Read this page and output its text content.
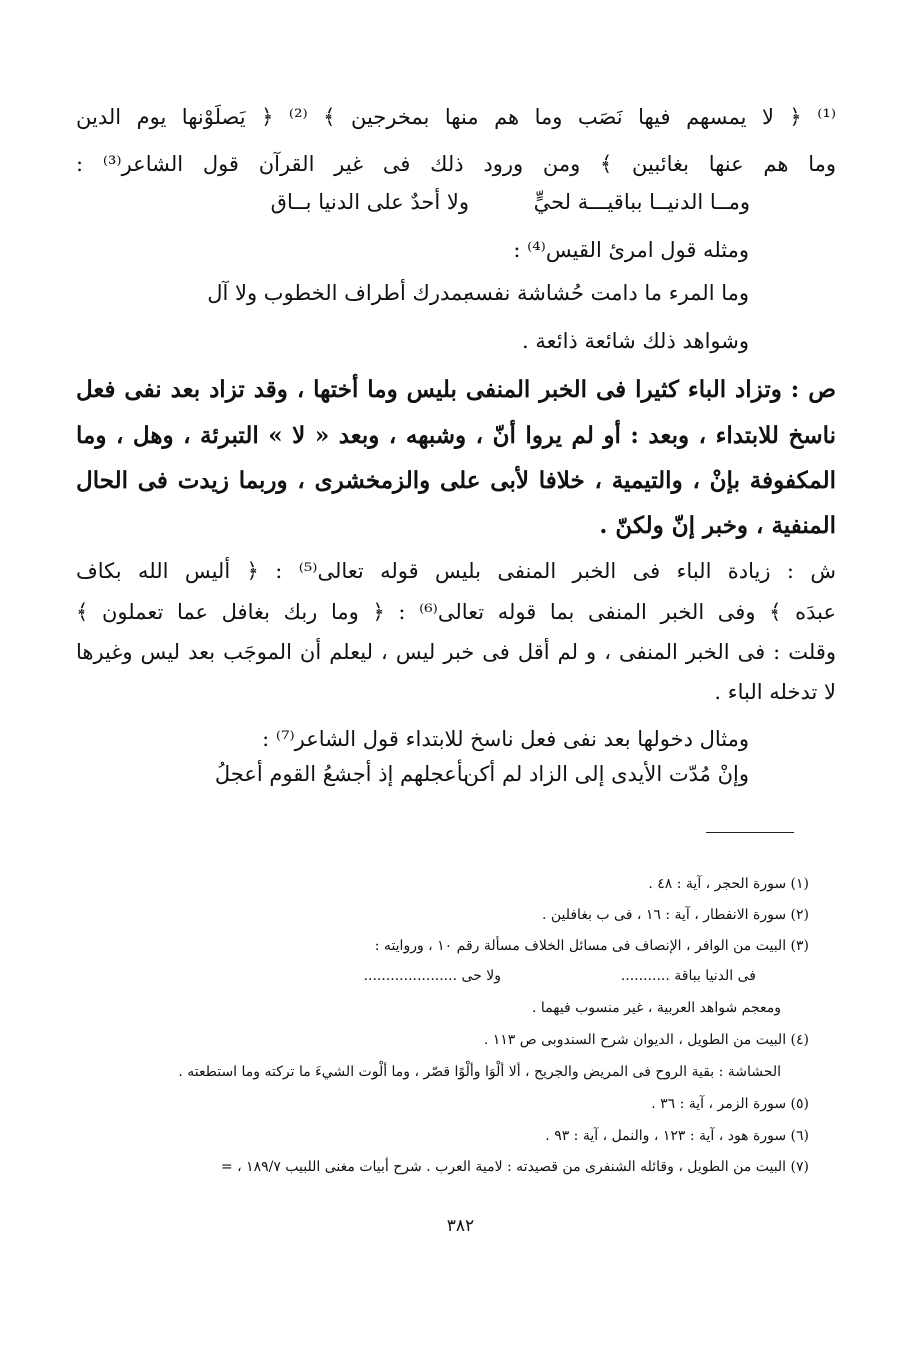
⁽¹⁾ ﴿ لا يمسهم فيها نَصَب وما هم منها بمخرجين ﴾ ⁽²⁾ ﴿ يَصلَوْنها يوم الدين
وما هم عنها بغائبين ﴾ ومن ورود ذلك فى غير القرآن قول الشاعر⁽³⁾ :
ومــا الدنيــا بباقيـــة لحيٍّ
ولا أحدٌ على الدنيا بــاق
ومثله قول امرئ القيس⁽⁴⁾ :
وما المرء ما دامت حُشاشة نفسه
بمدرك أطراف الخطوب ولا آل
وشواهد ذلك شائعة ذائعة .
ص : وتزاد الباء كثيرا فى الخبر المنفى بليس وما أختها ، وقد تزاد بعد نفى فعل
ناسخ للابتداء ، وبعد : أو لم يروا أنّ ، وشبهه ، وبعد « لا » التبرئة ، وهل ، وما
المكفوفة بإنْ ، والتيمية ، خلافا لأبى على والزمخشرى ، وربما زيدت فى الحال
المنفية ، وخبر إنّ ولكنّ .
ش : زيادة الباء فى الخبر المنفى بليس قوله تعالى⁽⁵⁾ : ﴿ أليس الله بكاف
عبدَه ﴾ وفى الخبر المنفى بما قوله تعالى⁽⁶⁾ : ﴿ وما ربك بغافل عما تعملون ﴾
وقلت : فى الخبر المنفى ، و لم أقل فى خبر ليس ، ليعلم أن الموجَب بعد ليس وغيرها
لا تدخله الباء .
ومثال دخولها بعد نفى فعل ناسخ للابتداء قول الشاعر⁽⁷⁾ :
وإنْ مُدّت الأيدى إلى الزاد لم أكن
بأعجلهم إذ أجشعُ القوم أعجلُ
(١) سورة الحجر ، آية : ٤٨ .
(٢) سورة الانفطار ، آية : ١٦ ، فى ب بغافلين .
(٣) البيت من الوافر ، الإنصاف فى مسائل الخلاف مسألة رقم ١٠ ، وروايته :
فى الدنيا بباقة ...........
ولا حى .....................
ومعجم شواهد العربية ، غير منسوب فيهما .
(٤) البيت من الطويل ، الديوان شرح السندوبى ص ١١٣ .
الحشاشة : بقية الروح فى المريض والجريح ، ألا ألْوَا وألْوًا قصّر ، وما ألْوت الشيءَ ما تركته وما استطعته .
(٥) سورة الزمر ، آية : ٣٦ .
(٦) سورة هود ، آية : ١٢٣ ، والنمل ، آية : ٩٣ .
(٧) البيت من الطويل ، وقائله الشنفرى من قصيدته : لامية العرب . شرح أبيات مغنى اللبيب ١٨٩/٧ ، =
٣٨٢
